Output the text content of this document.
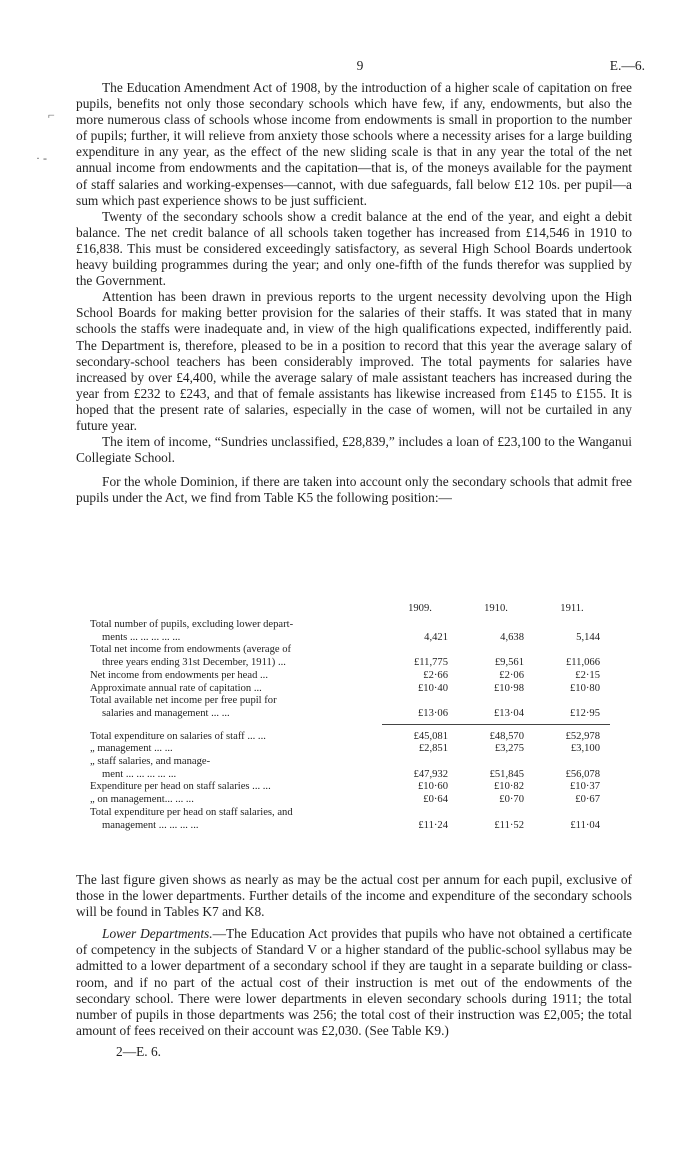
9	E.—6.
⌐
· -

The Education Amendment Act of 1908, by the introduction of a higher scale of capitation on free pupils, benefits not only those secondary schools which have few, if any, endowments, but also the more numerous class of schools whose income from endowments is small in proportion to the number of pupils; further, it will relieve from anxiety those schools where a necessity arises for a large building expenditure in any year, as the effect of the new sliding scale is that in any year the total of the net annual income from endowments and the capitation—that is, of the moneys available for the payment of staff salaries and working-expenses—cannot, with due safeguards, fall below £12 10s. per pupil—a sum which past experience shows to be just sufficient.

Twenty of the secondary schools show a credit balance at the end of the year, and eight a debit balance. The net credit balance of all schools taken together has increased from £14,546 in 1910 to £16,838. This must be considered exceedingly satisfactory, as several High School Boards undertook heavy building programmes during the year; and only one-fifth of the funds therefor was supplied by the Government.

Attention has been drawn in previous reports to the urgent necessity devolving upon the High School Boards for making better provision for the salaries of their staffs. It was stated that in many schools the staffs were inadequate and, in view of the high qualifications expected, indifferently paid. The Department is, therefore, pleased to be in a position to record that this year the average salary of secondary-school teachers has been considerably improved. The total payments for salaries have increased by over £4,400, while the average salary of male assistant teachers has increased during the year from £232 to £243, and that of female assistants has likewise increased from £145 to £155. It is hoped that the present rate of salaries, especially in the case of women, will not be curtailed in any future year.

The item of income, “Sundries unclassified, £28,839,” includes a loan of £23,100 to the Wanganui Collegiate School.

For the whole Dominion, if there are taken into account only the secondary schools that admit free pupils under the Act, we find from Table K5 the following position:—

1909.	1910.	1911.
Total number of pupils, excluding lower depart-
ments ... ... ... ... ...	4,421	4,638	5,144
Total net income from endowments (average of
three years ending 31st December, 1911) ...	£11,775	£9,561	£11,066
Net income from endowments per head ...	£2·66	£2·06	£2·15
Approximate annual rate of capitation ...	£10·40	£10·98	£10·80
Total available net income per free pupil for
salaries and management ... ...	£13·06	£13·04	£12·95
Total expenditure on salaries of staff ... ...	£45,081	£48,570	£52,978
„ management ... ...	£2,851	£3,275	£3,100
„ staff salaries, and manage-
ment ... ... ... ... ...	£47,932	£51,845	£56,078
Expenditure per head on staff salaries ... ...	£10·60	£10·82	£10·37
„ on management... ... ...	£0·64	£0·70	£0·67
Total expenditure per head on staff salaries, and
management ... ... ... ...	£11·24	£11·52	£11·04

The last figure given shows as nearly as may be the actual cost per annum for each pupil, exclusive of those in the lower departments. Further details of the income and expenditure of the secondary schools will be found in Tables K7 and K8.

Lower Departments.—The Education Act provides that pupils who have not obtained a certificate of competency in the subjects of Standard V or a higher standard of the public-school syllabus may be admitted to a lower department of a secondary school if they are taught in a separate building or class-room, and if no part of the actual cost of their instruction is met out of the endowments of the secondary school. There were lower departments in eleven secondary schools during 1911; the total number of pupils in those departments was 256; the total cost of their instruction was £2,005; the total amount of fees received on their account was £2,030. (See Table K9.)

2—E. 6.
